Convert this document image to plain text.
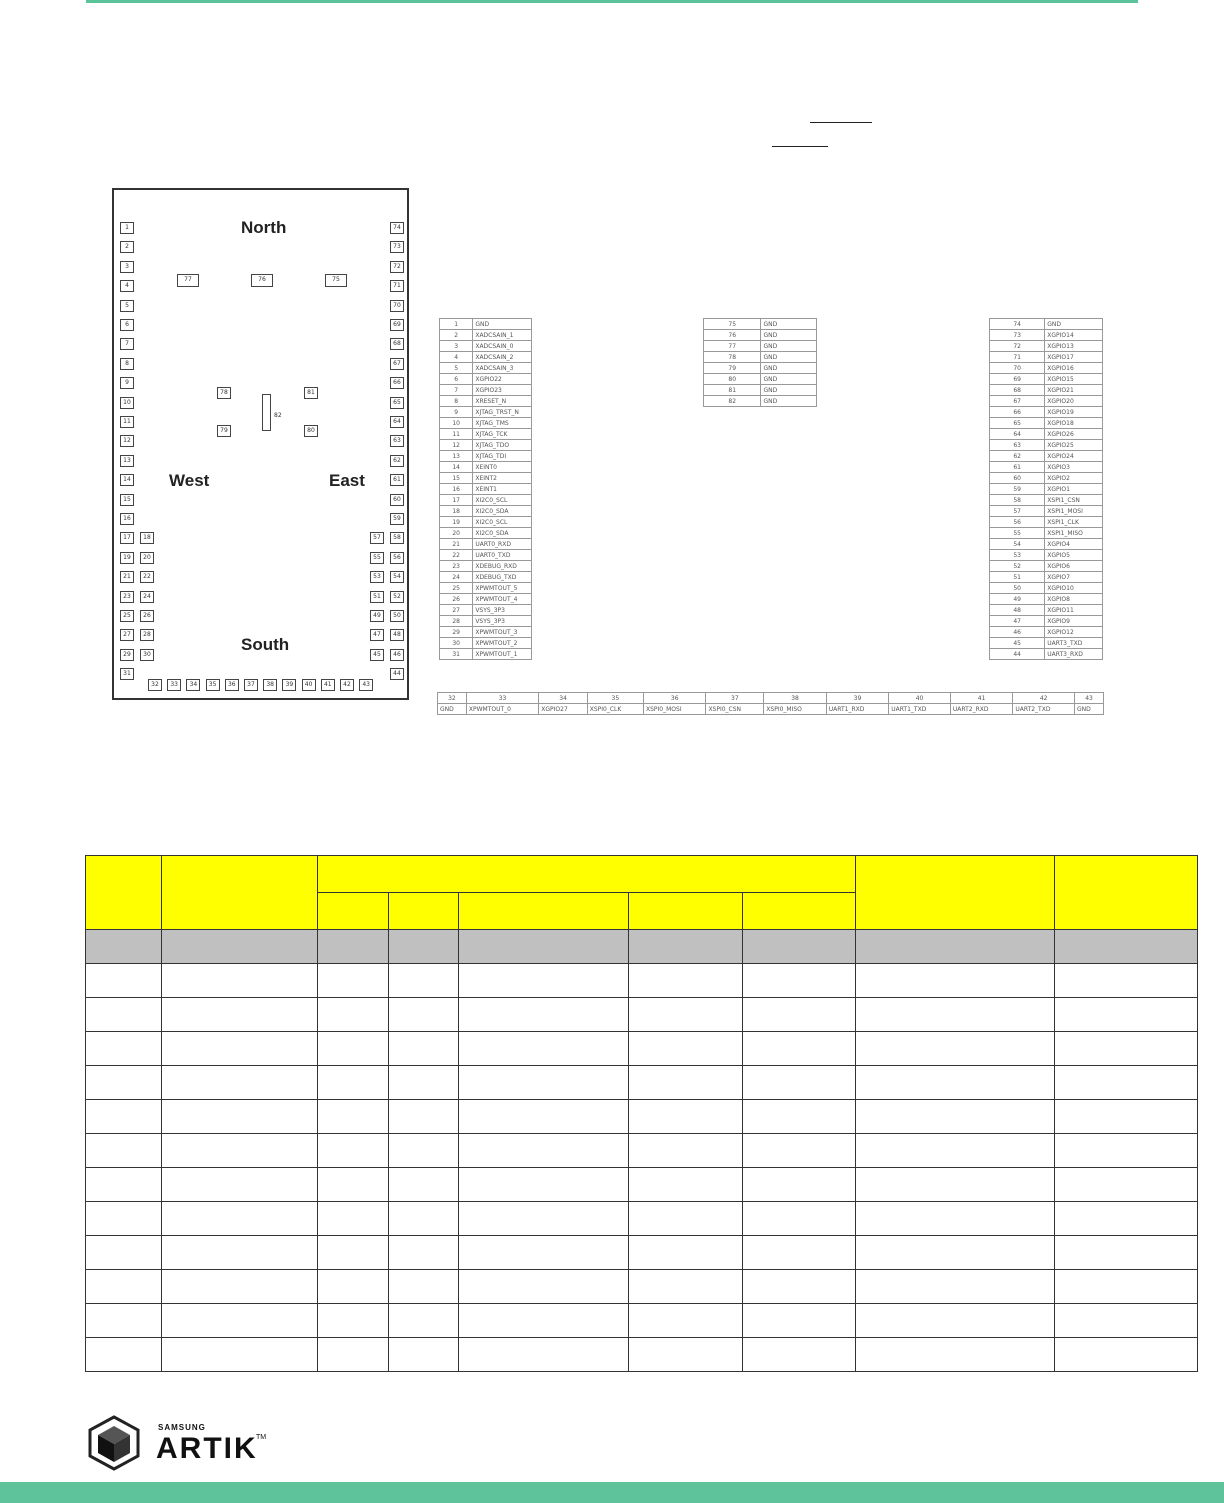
North
West	East
South
77	76	75
78
79
81
80
82
1
2
3
4
5
6
7
8
9
10
11
12
13
14
15
16
17
19
21
23
25
27
29
31
18
20
22
24
26
28
30
74
73
72
71
70
69
68
67
66
65
64
63
62
61
60
59
58
56
54
52
50
48
46
44
57
55
53
51
49
47
45
32	33	34	35	36	37	38	39	40	41	42	43
1	GND
2	XADCSAIN_1
3	XADCSAIN_0
4	XADCSAIN_2
5	XADCSAIN_3
6	XGPIO22
7	XGPIO23
8	XRESET_N
9	XJTAG_TRST_N
10	XJTAG_TMS
11	XJTAG_TCK
12	XJTAG_TDO
13	XJTAG_TDI
14	XEINT0
15	XEINT2
16	XEINT1
17	XI2C0_SCL
18	XI2C0_SDA
19	XI2C0_SCL
20	XI2C0_SDA
21	UART0_RXD
22	UART0_TXD
23	XDEBUG_RXD
24	XDEBUG_TXD
25	XPWMTOUT_5
26	XPWMTOUT_4
27	VSYS_3P3
28	VSYS_3P3
29	XPWMTOUT_3
30	XPWMTOUT_2
31	XPWMTOUT_1
75	GND
76	GND
77	GND
78	GND
79	GND
80	GND
81	GND
82	GND
74	GND
73	XGPIO14
72	XGPIO13
71	XGPIO17
70	XGPIO16
69	XGPIO15
68	XGPIO21
67	XGPIO20
66	XGPIO19
65	XGPIO18
64	XGPIO26
63	XGPIO25
62	XGPIO24
61	XGPIO3
60	XGPIO2
59	XGPIO1
58	XSPI1_CSN
57	XSPI1_MOSI
56	XSPI1_CLK
55	XSPI1_MISO
54	XGPIO4
53	XGPIO5
52	XGPIO6
51	XGPIO7
50	XGPIO10
49	XGPIO8
48	XGPIO11
47	XGPIO9
46	XGPIO12
45	UART3_TXD
44	UART3_RXD
32	33	34	35	36	37	38	39	40	41	42	43
GND	XPWMTOUT_0	XGPIO27	XSPI0_CLK	XSPI0_MOSI	XSPI0_CSN	XSPI0_MISO	UART1_RXD	UART1_TXD	UART2_RXD	UART2_TXD	GND

SAMSUNG
ARTIK
TM
